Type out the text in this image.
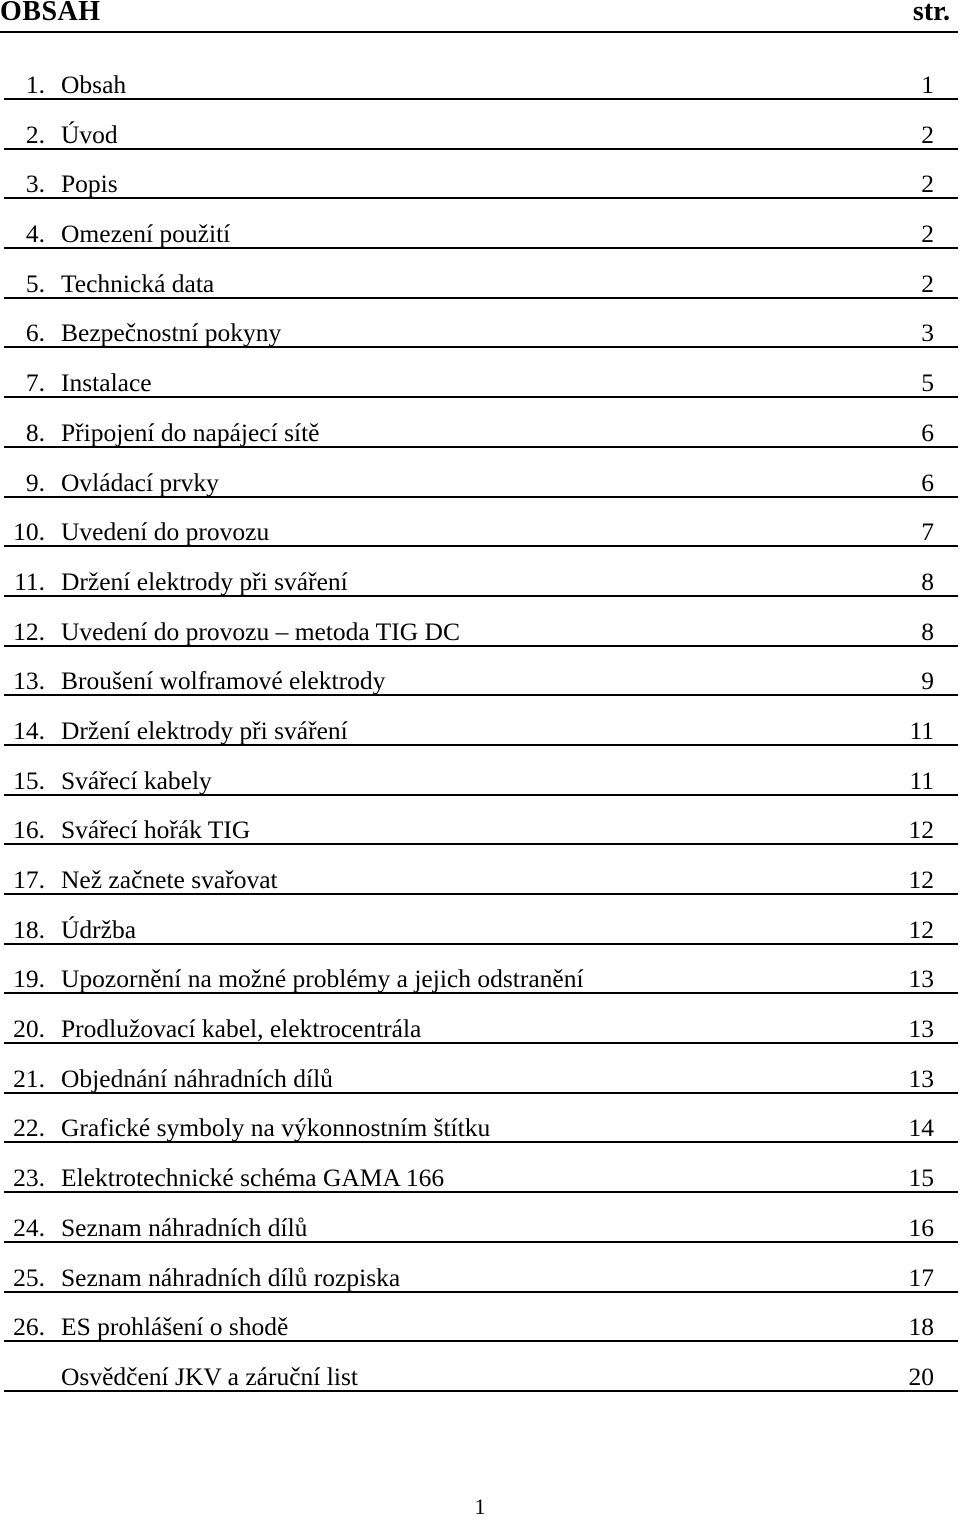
OBSAH	str.
1. Obsah	1
2. Úvod	2
3. Popis	2
4. Omezení použití	2
5. Technická data	2
6. Bezpečnostní pokyny	3
7. Instalace	5
8. Připojení do napájecí sítě	6
9. Ovládací prvky	6
10. Uvedení do provozu	7
11. Držení elektrody při sváření	8
12. Uvedení do provozu – metoda TIG DC	8
13. Broušení wolframové elektrody	9
14. Držení elektrody při sváření	11
15. Svářecí kabely	11
16. Svářecí hořák TIG	12
17. Než začnete svařovat	12
18. Údržba	12
19. Upozornění na možné problémy a jejich odstranění	13
20. Prodlužovací kabel, elektrocentrála	13
21. Objednání náhradních dílů	13
22. Grafické symboly na výkonnostním štítku	14
23. Elektrotechnické schéma GAMA 166	15
24. Seznam náhradních dílů	16
25. Seznam náhradních dílů rozpiska	17
26. ES prohlášení o shodě	18
Osvědčení JKV a záruční list	20
1
